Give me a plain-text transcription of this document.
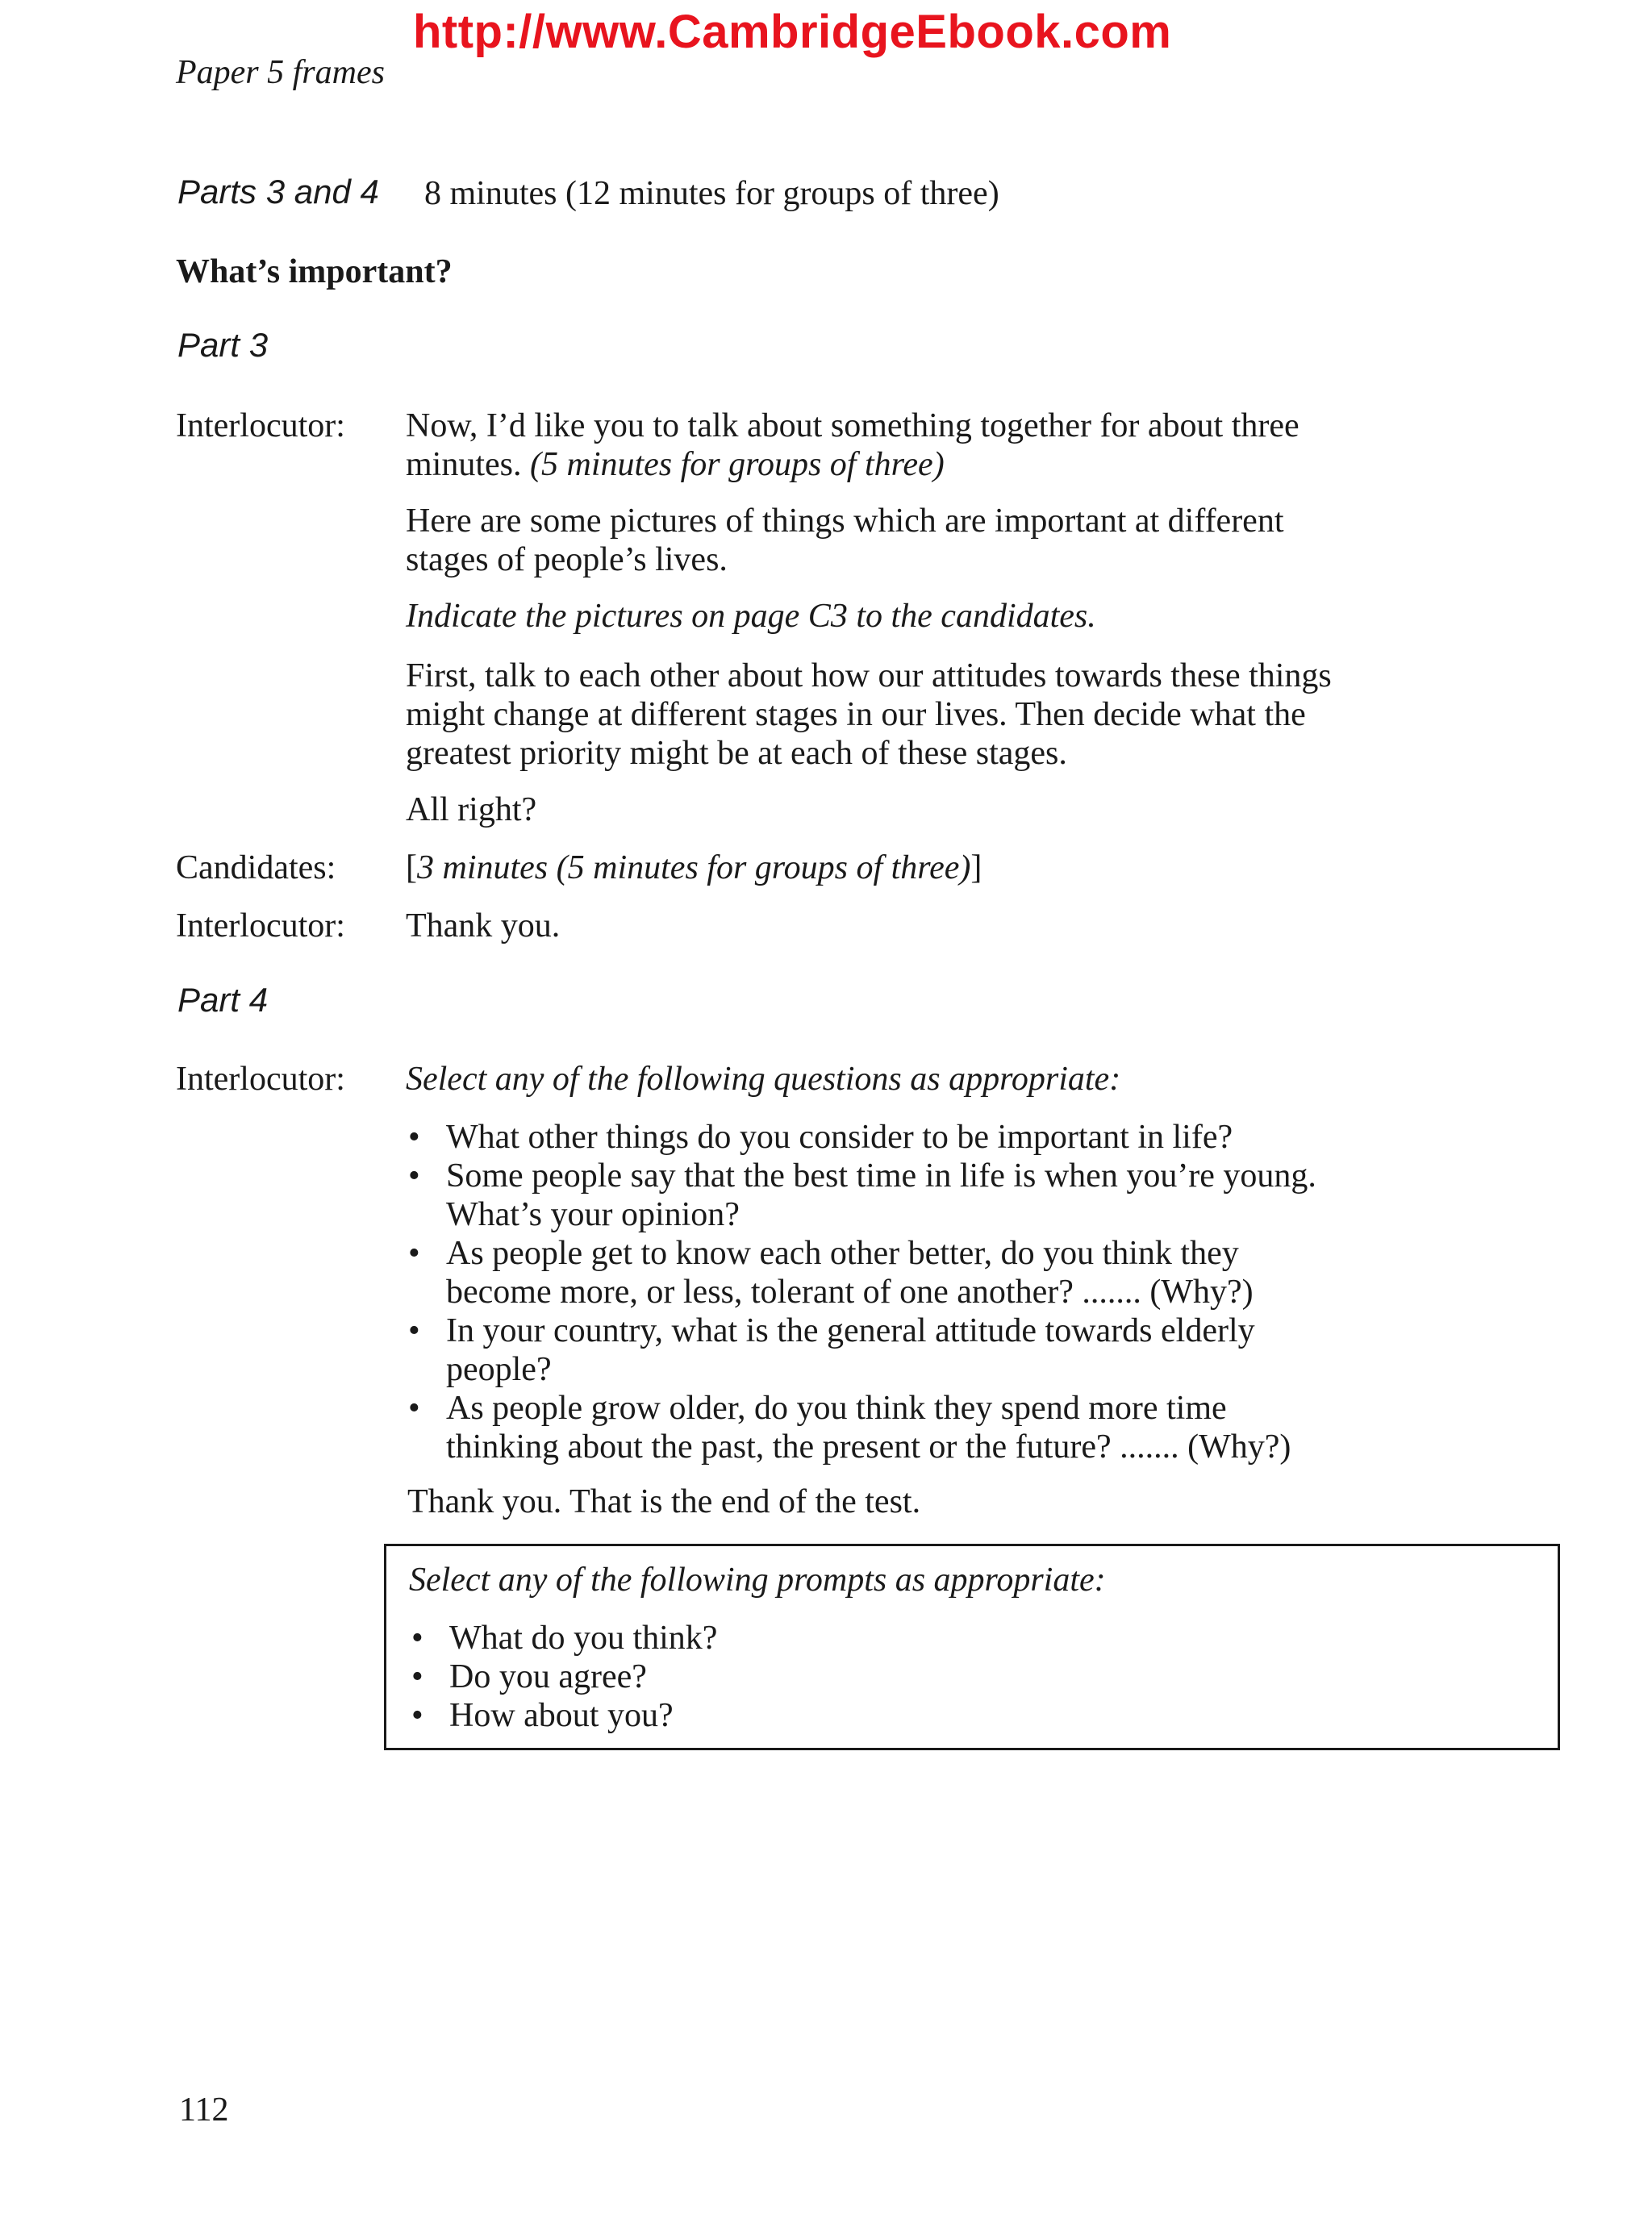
http://www.CambridgeEbook.com
Paper 5 frames
Parts 3 and 4 8 minutes (12 minutes for groups of three)
What’s important?
Part 3
Interlocutor: Now, I’d like you to talk about something together for about three
minutes. (5 minutes for groups of three)
Here are some pictures of things which are important at different stages of people’s lives.
Indicate the pictures on page C3 to the candidates.
First, talk to each other about how our attitudes towards these things might change at different stages in our lives. Then decide what the greatest priority might be at each of these stages.
All right?
Candidates: [3 minutes (5 minutes for groups of three)]
Interlocutor: Thank you.
Part 4
Interlocutor: Select any of the following questions as appropriate:
• What other things do you consider to be important in life?
• Some people say that the best time in life is when you’re young.
What’s your opinion?
• As people get to know each other better, do you think they
become more, or less, tolerant of one another? ....... (Why?)
• In your country, what is the general attitude towards elderly
people?
• As people grow older, do you think they spend more time
thinking about the past, the present or the future? ....... (Why?)
Thank you. That is the end of the test.
Select any of the following prompts as appropriate:
• What do you think?
• Do you agree?
• How about you?
112
